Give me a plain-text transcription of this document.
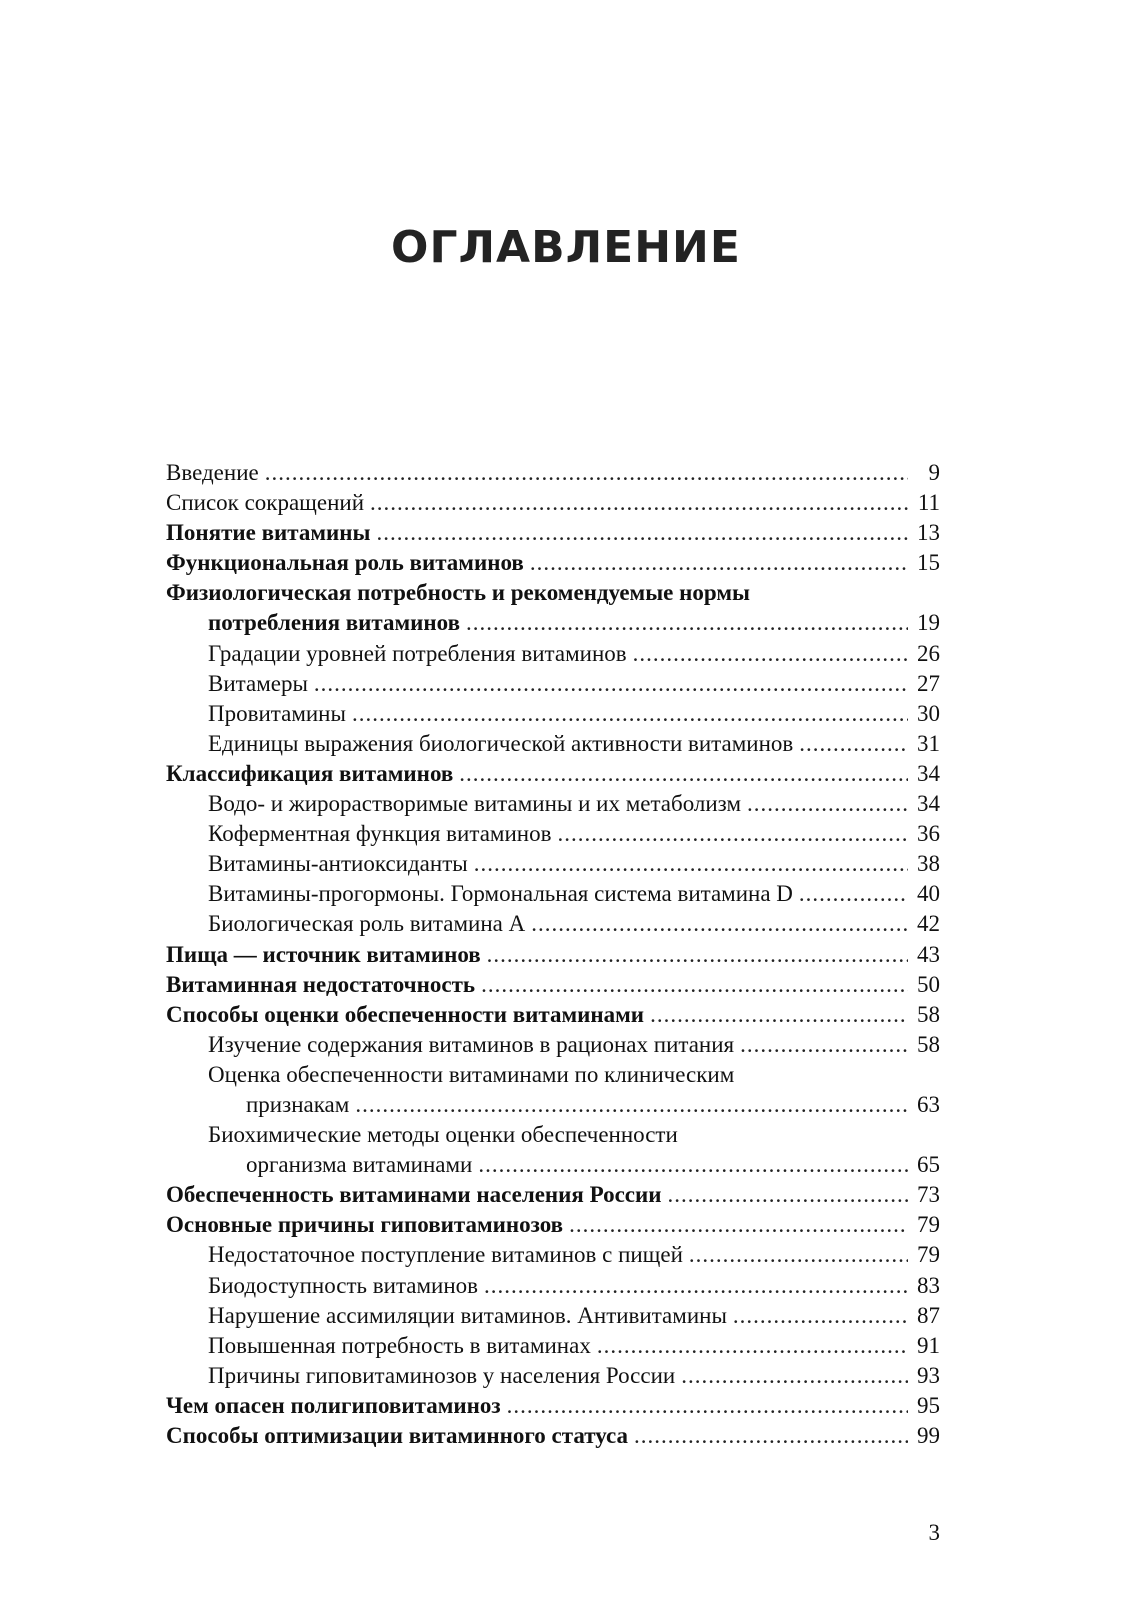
ОГЛАВЛЕНИЕ
Введение .....	9
Список сокращений .....	11
Понятие витамины .....	13
Функциональная роль витаминов .....	15
Физиологическая потребность и рекомендуемые нормы
потребления витаминов .....	19
Градации уровней потребления витаминов .....	26
Витамеры .....	27
Провитамины .....	30
Единицы выражения биологической активности витаминов .....	31
Классификация витаминов .....	34
Водо- и жирорастворимые витамины и их метаболизм .....	34
Коферментная функция витаминов .....	36
Витамины-антиоксиданты .....	38
Витамины-прогормоны. Гормональная система витамина D .....	40
Биологическая роль витамина А .....	42
Пища — источник витаминов .....	43
Витаминная недостаточность .....	50
Способы оценки обеспеченности витаминами .....	58
Изучение содержания витаминов в рационах питания .....	58
Оценка обеспеченности витаминами по клиническим
признакам .....	63
Биохимические методы оценки обеспеченности
организма витаминами .....	65
Обеспеченность витаминами населения России .....	73
Основные причины гиповитаминозов .....	79
Недостаточное поступление витаминов с пищей .....	79
Биодоступность витаминов .....	83
Нарушение ассимиляции витаминов. Антивитамины .....	87
Повышенная потребность в витаминах .....	91
Причины гиповитаминозов у населения России .....	93
Чем опасен полигиповитаминоз .....	95
Способы оптимизации витаминного статуса .....	99
3
